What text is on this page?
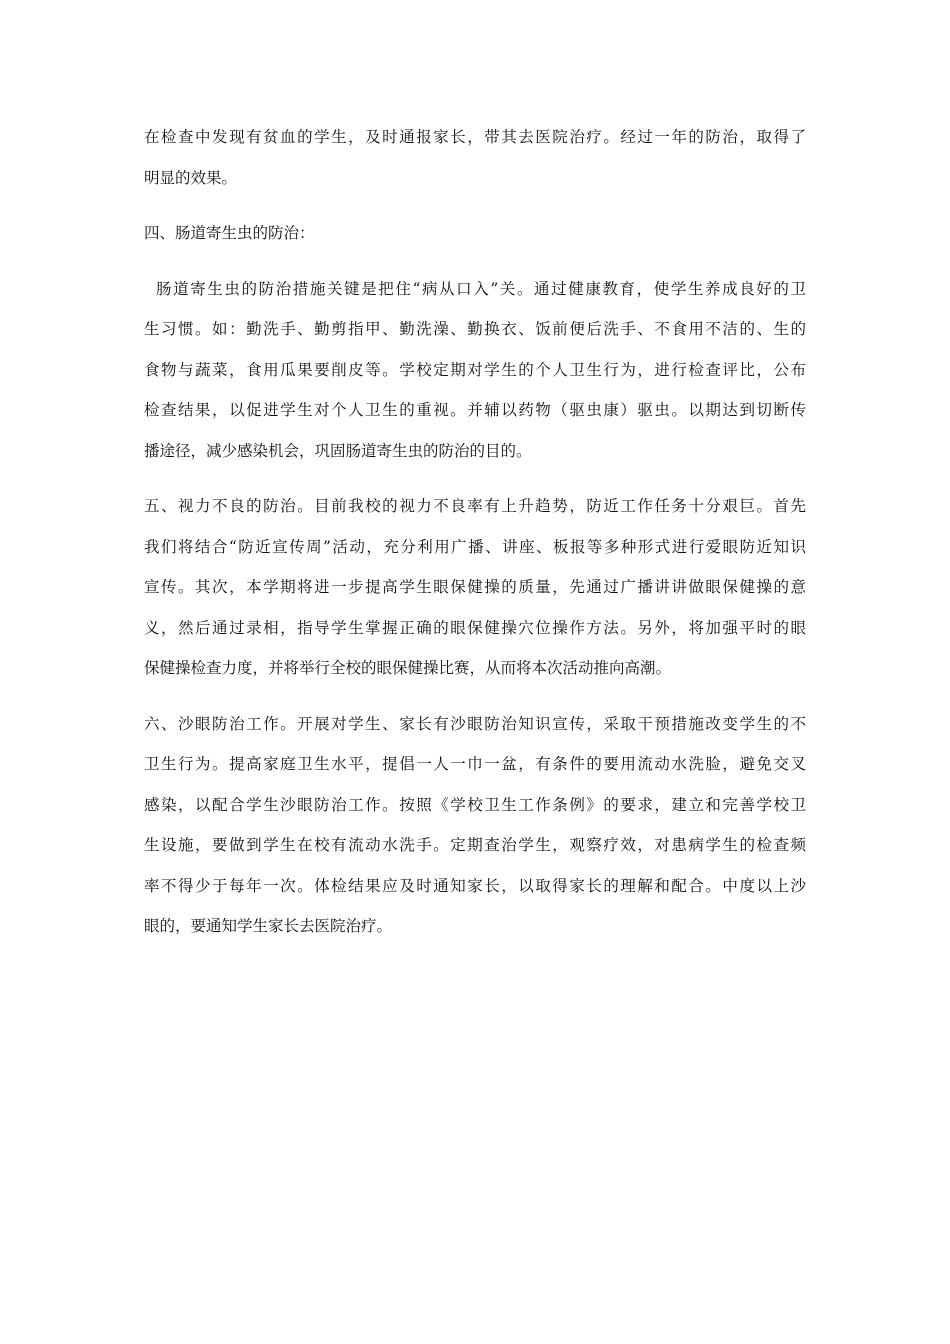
在检查中发现有贫血的学生，及时通报家长，带其去医院治疗。经过一年的防治，取得了
明显的效果。

四、肠道寄生虫的防治：

肠道寄生虫的防治措施关键是把住“病从口入”关。通过健康教育，使学生养成良好的卫
生习惯。如：勤洗手、勤剪指甲、勤洗澡、勤换衣、饭前便后洗手、不食用不洁的、生的
食物与蔬菜，食用瓜果要削皮等。学校定期对学生的个人卫生行为，进行检查评比，公布
检查结果，以促进学生对个人卫生的重视。并辅以药物（驱虫康）驱虫。以期达到切断传
播途径，减少感染机会，巩固肠道寄生虫的防治的目的。

五、视力不良的防治。目前我校的视力不良率有上升趋势，防近工作任务十分艰巨。首先
我们将结合“防近宣传周”活动，充分利用广播、讲座、板报等多种形式进行爱眼防近知识
宣传。其次，本学期将进一步提高学生眼保健操的质量，先通过广播讲讲做眼保健操的意
义，然后通过录相，指导学生掌握正确的眼保健操穴位操作方法。另外，将加强平时的眼
保健操检查力度，并将举行全校的眼保健操比赛，从而将本次活动推向高潮。

六、沙眼防治工作。开展对学生、家长有沙眼防治知识宣传，采取干预措施改变学生的不
卫生行为。提高家庭卫生水平，提倡一人一巾一盆，有条件的要用流动水洗脸，避免交叉
感染，以配合学生沙眼防治工作。按照《学校卫生工作条例》的要求，建立和完善学校卫
生设施，要做到学生在校有流动水洗手。定期查治学生，观察疗效，对患病学生的检查频
率不得少于每年一次。体检结果应及时通知家长，以取得家长的理解和配合。中度以上沙
眼的，要通知学生家长去医院治疗。
